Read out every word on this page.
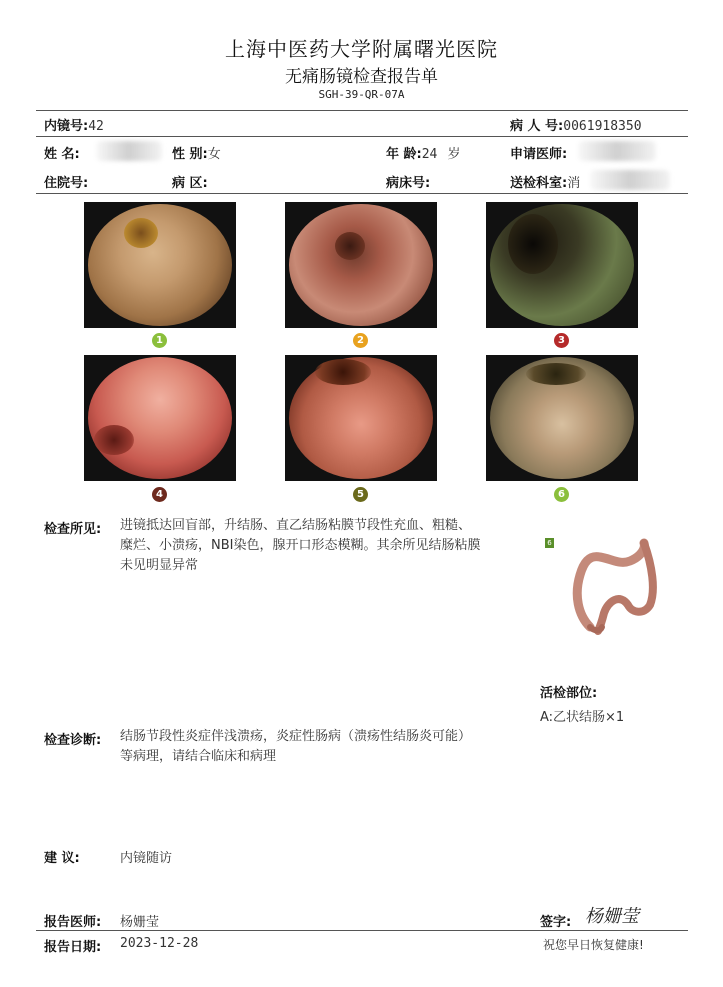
上海中医药大学附属曙光医院
无痛肠镜检查报告单
SGH-39-QR-07A
内镜号:42	病 人 号:0061918350
姓 名:	性 别:女	年 龄:24 岁	申请医师:
住院号:	病 区:	病床号:	送检科室:消
1	2	3
4	5	6
检查所见: 进镜抵达回盲部，升结肠、直乙结肠粘膜节段性充血、粗糙、
糜烂、小溃疡，NBI染色，腺开口形态模糊。其余所见结肠粘膜
未见明显异常
6
活检部位:
A:乙状结肠×1
检查诊断: 结肠节段性炎症伴浅溃疡，炎症性肠病（溃疡性结肠炎可能）
等病理，请结合临床和病理
建 议:	内镜随访
报告医师: 杨姗莹	签字: 杨姗莹
报告日期: 2023-12-28	祝您早日恢复健康!
